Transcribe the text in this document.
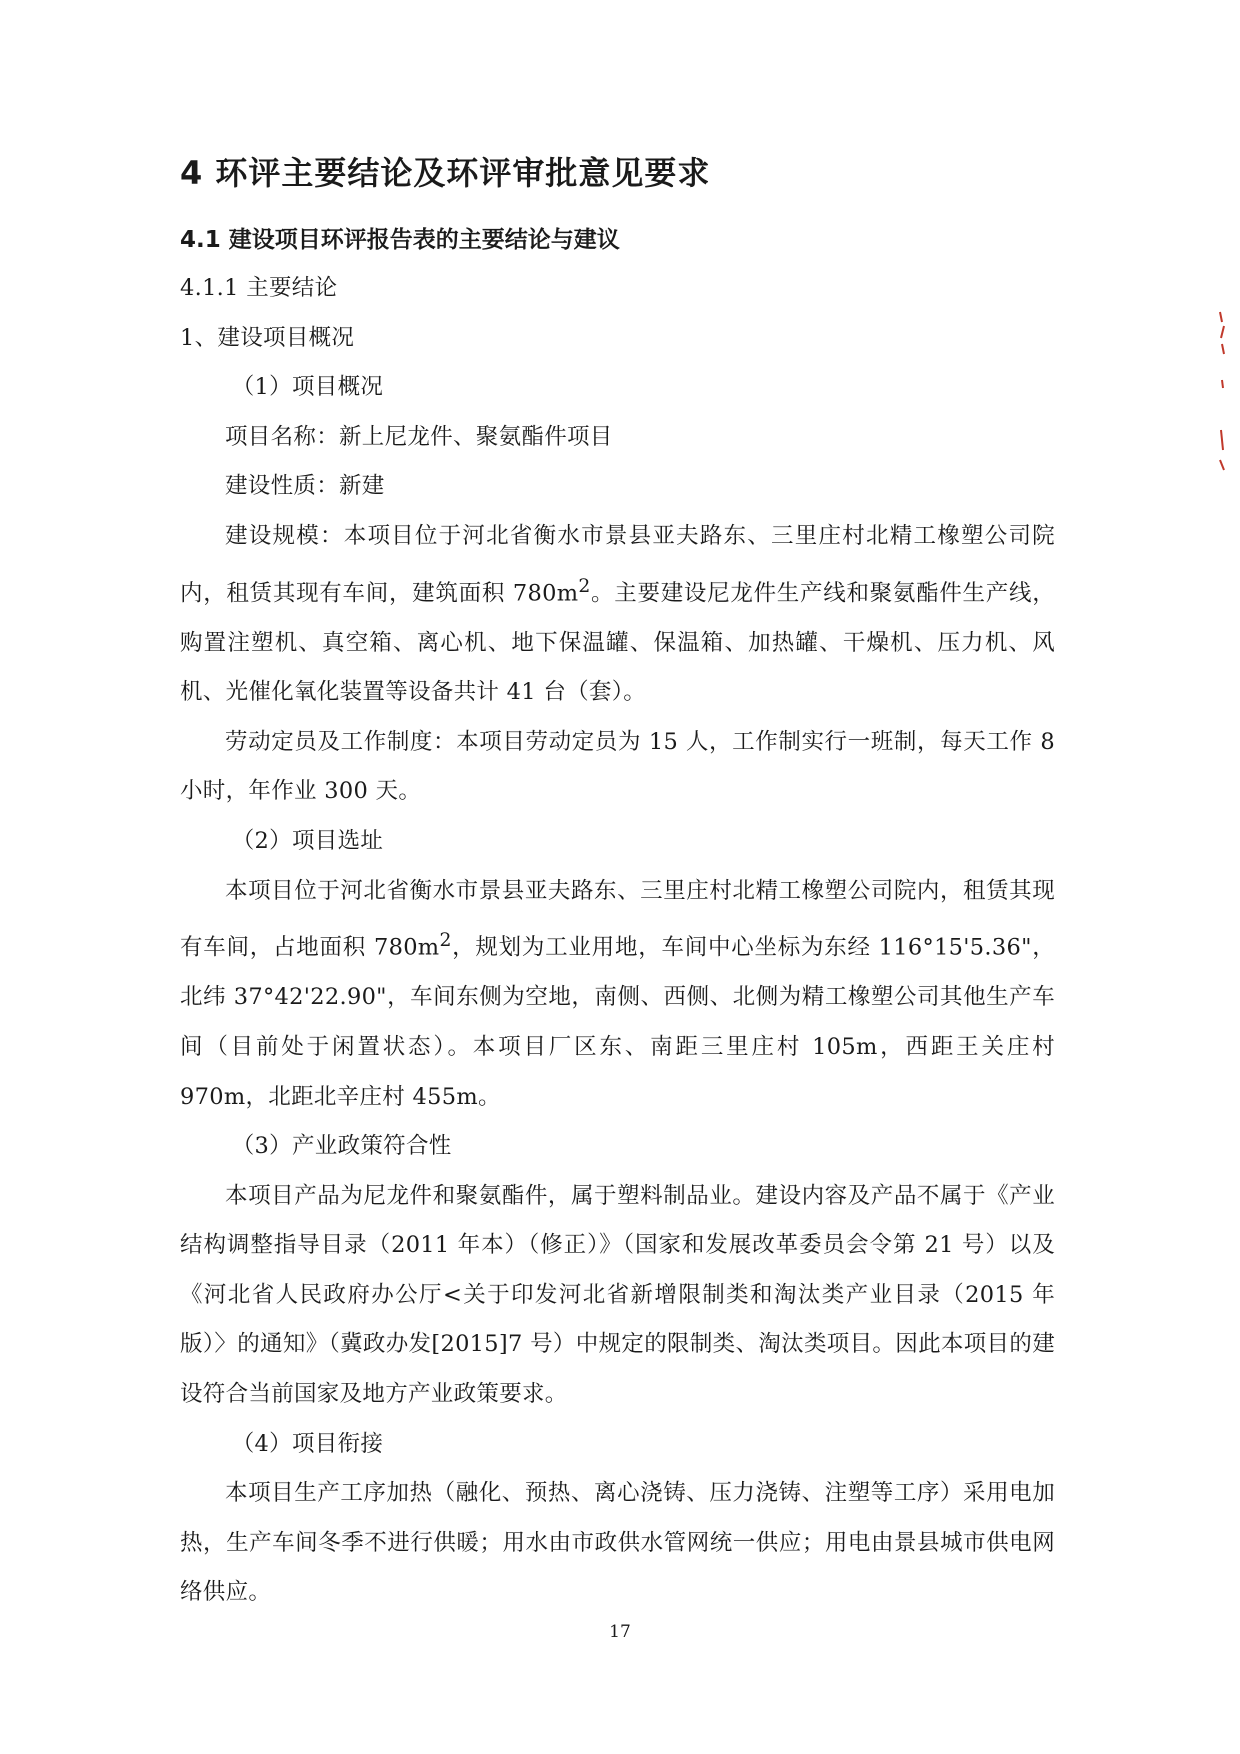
4 环评主要结论及环评审批意见要求
4.1 建设项目环评报告表的主要结论与建议

4.1.1 主要结论

1、建设项目概况

（1）项目概况

项目名称：新上尼龙件、聚氨酯件项目

建设性质：新建

建设规模：本项目位于河北省衡水市景县亚夫路东、三里庄村北精工橡塑公司院内，租赁其现有车间，建筑面积 $780m^2$。主要建设尼龙件生产线和聚氨酯件生产线，购置注塑机、真空箱、离心机、地下保温罐、保温箱、加热罐、干燥机、压力机、风机、光催化氧化装置等设备共计 41 台（套）。

劳动定员及工作制度：本项目劳动定员为 15 人，工作制实行一班制，每天工作 8 小时，年作业 300 天。

（2）项目选址

本项目位于河北省衡水市景县亚夫路东、三里庄村北精工橡塑公司院内，租赁其现有车间，占地面积 $780m^2$，规划为工业用地，车间中心坐标为东经 116°15'5.36"，北纬 37°42'22.90"，车间东侧为空地，南侧、西侧、北侧为精工橡塑公司其他生产车间（目前处于闲置状态）。本项目厂区东、南距三里庄村 105m，西距王关庄村 970m，北距北辛庄村 455m。

（3）产业政策符合性

本项目产品为尼龙件和聚氨酯件，属于塑料制品业。建设内容及产品不属于《产业结构调整指导目录（2011 年本）（修正）》（国家和发展改革委员会令第 21 号）以及《河北省人民政府办公厅<关于印发河北省新增限制类和淘汰类产业目录（2015 年版）〉的通知》（冀政办发[2015]7 号）中规定的限制类、淘汰类项目。因此本项目的建设符合当前国家及地方产业政策要求。

（4）项目衔接

本项目生产工序加热（融化、预热、离心浇铸、压力浇铸、注塑等工序）采用电加热，生产车间冬季不进行供暖；用水由市政供水管网统一供应；用电由景县城市供电网络供应。

17
